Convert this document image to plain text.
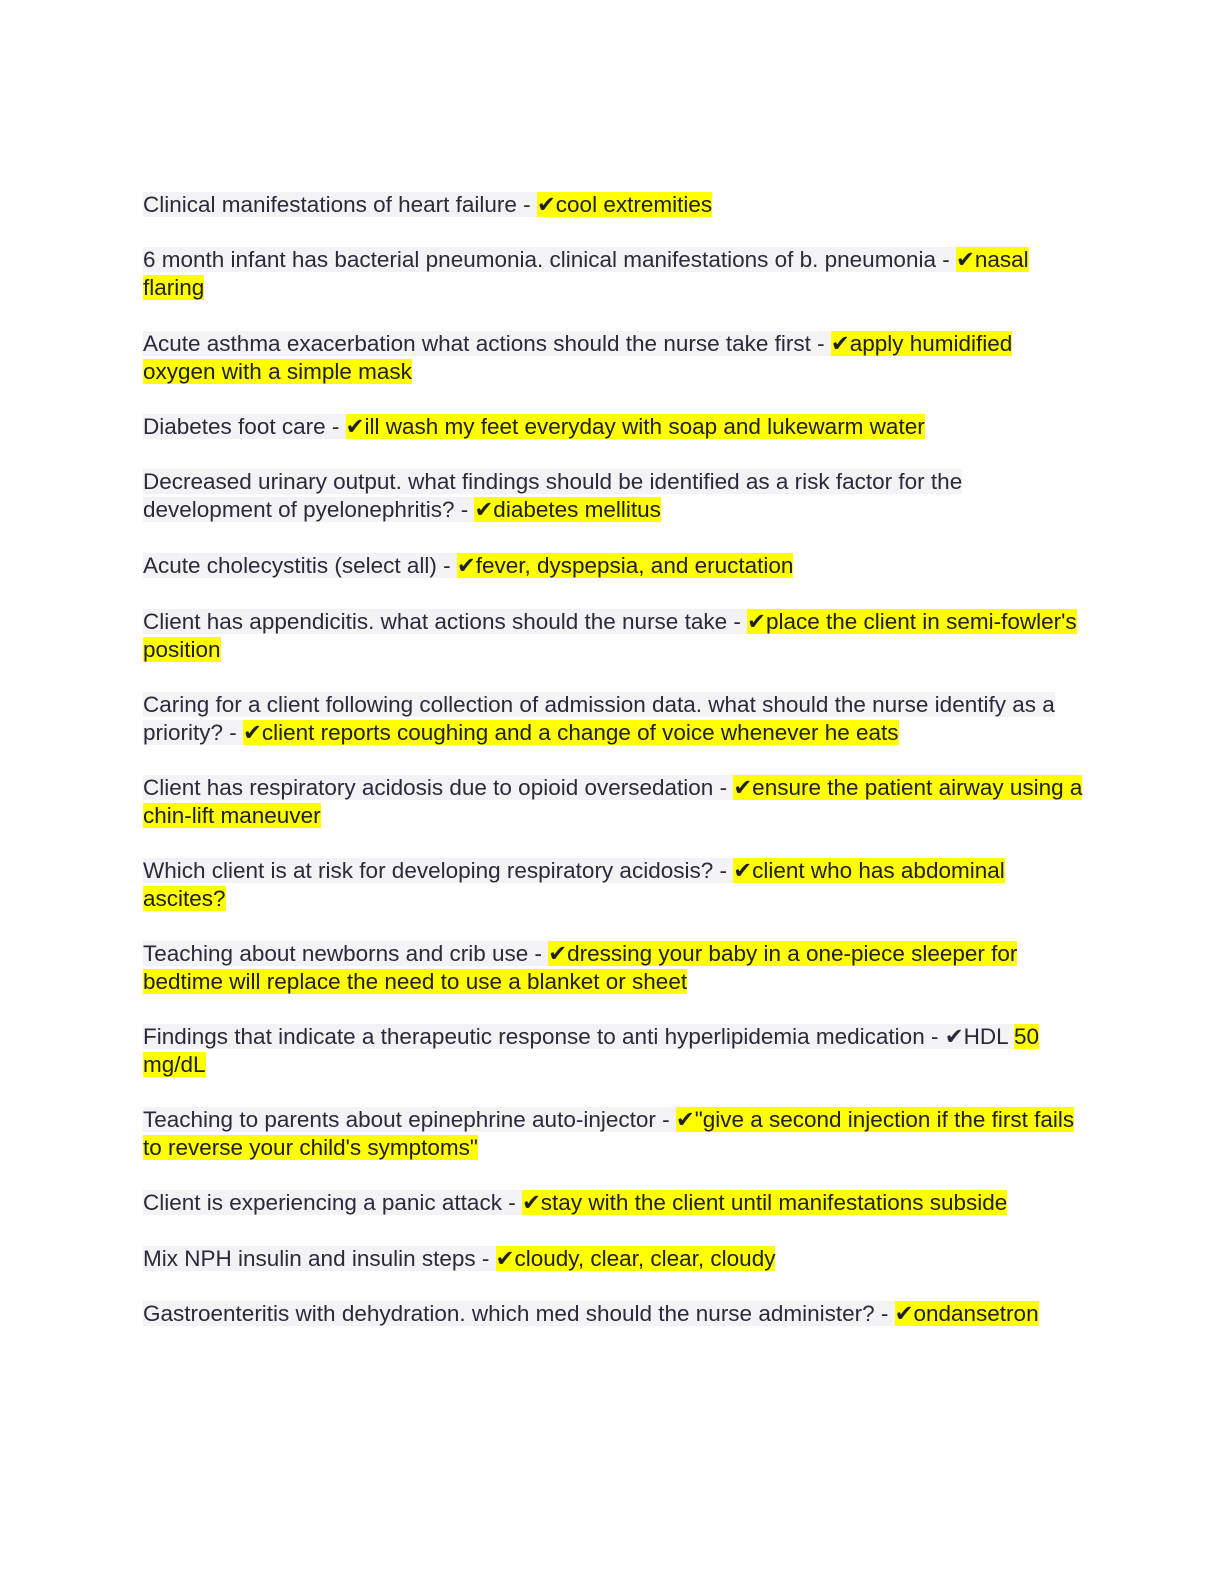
Clinical manifestations of heart failure - ✔cool extremities

6 month infant has bacterial pneumonia. clinical manifestations of b. pneumonia - ✔nasal flaring

Acute asthma exacerbation what actions should the nurse take first - ✔apply humidified oxygen with a simple mask

Diabetes foot care - ✔ill wash my feet everyday with soap and lukewarm water

Decreased urinary output. what findings should be identified as a risk factor for the development of pyelonephritis? - ✔diabetes mellitus

Acute cholecystitis (select all) - ✔fever, dyspepsia, and eructation

Client has appendicitis. what actions should the nurse take - ✔place the client in semi-fowler's position

Caring for a client following collection of admission data. what should the nurse identify as a priority? - ✔client reports coughing and a change of voice whenever he eats

Client has respiratory acidosis due to opioid oversedation - ✔ensure the patient airway using a chin-lift maneuver

Which client is at risk for developing respiratory acidosis? - ✔client who has abdominal ascites?

Teaching about newborns and crib use - ✔dressing your baby in a one-piece sleeper for bedtime will replace the need to use a blanket or sheet

Findings that indicate a therapeutic response to anti hyperlipidemia medication - ✔HDL 50 mg/dL

Teaching to parents about epinephrine auto-injector - ✔"give a second injection if the first fails to reverse your child's symptoms"

Client is experiencing a panic attack - ✔stay with the client until manifestations subside

Mix NPH insulin and insulin steps - ✔cloudy, clear, clear, cloudy

Gastroenteritis with dehydration. which med should the nurse administer? - ✔ondansetron
